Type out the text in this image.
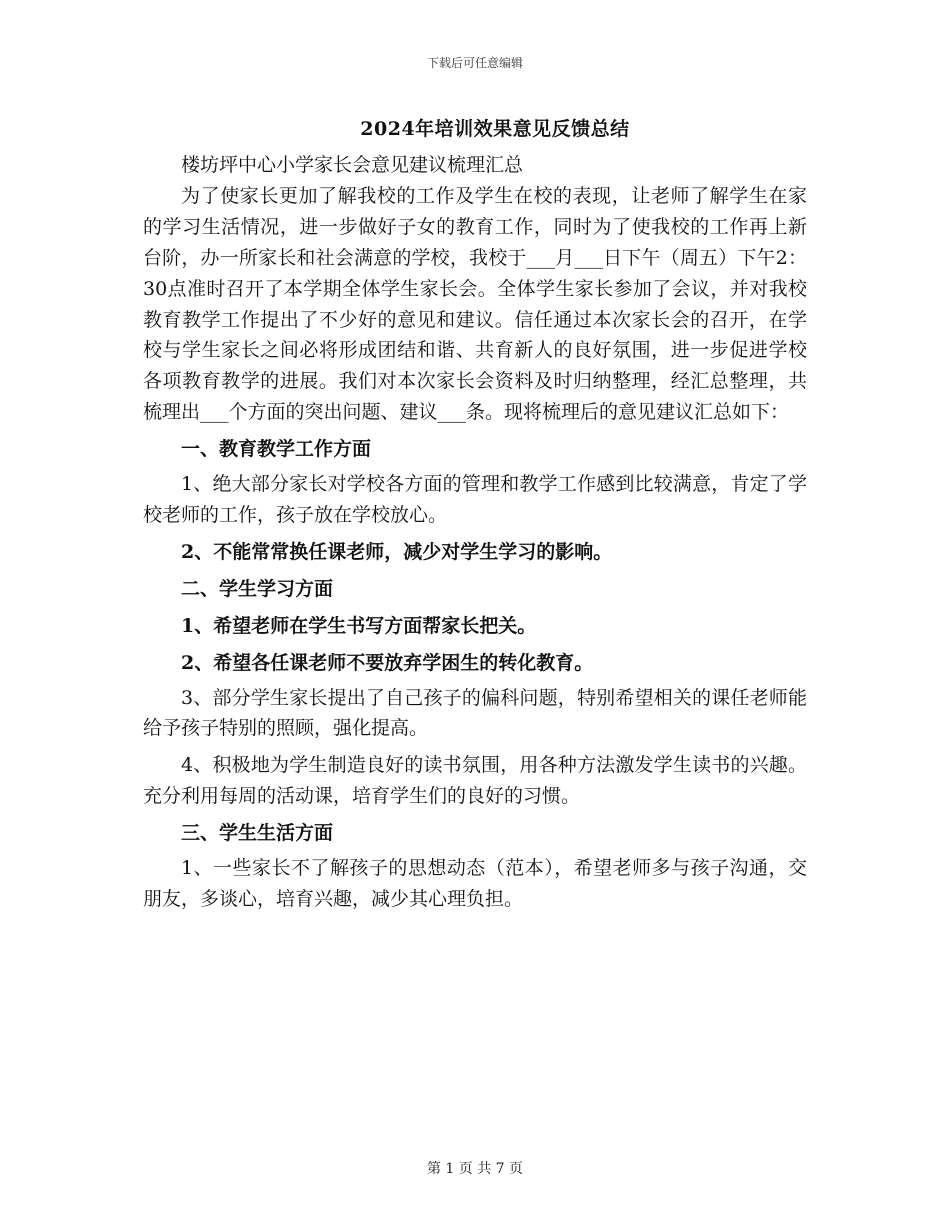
下载后可任意编辑
2024年培训效果意见反馈总结

楼坊坪中心小学家长会意见建议梳理汇总

为了使家长更加了解我校的工作及学生在校的表现，让老师了解学生在家的学习生活情况，进一步做好子女的教育工作，同时为了使我校的工作再上新台阶，办一所家长和社会满意的学校，我校于___月___日下午（周五）下午2：30点准时召开了本学期全体学生家长会。全体学生家长参加了会议，并对我校教育教学工作提出了不少好的意见和建议。信任通过本次家长会的召开，在学校与学生家长之间必将形成团结和谐、共育新人的良好氛围，进一步促进学校各项教育教学的进展。我们对本次家长会资料及时归纳整理，经汇总整理，共梳理出___个方面的突出问题、建议___条。现将梳理后的意见建议汇总如下：

一、教育教学工作方面

1、绝大部分家长对学校各方面的管理和教学工作感到比较满意，肯定了学校老师的工作，孩子放在学校放心。

2、不能常常换任课老师，减少对学生学习的影响。

二、学生学习方面

1、希望老师在学生书写方面帮家长把关。

2、希望各任课老师不要放弃学困生的转化教育。

3、部分学生家长提出了自己孩子的偏科问题，特别希望相关的课任老师能给予孩子特别的照顾，强化提高。

4、积极地为学生制造良好的读书氛围，用各种方法激发学生读书的兴趣。充分利用每周的活动课，培育学生们的良好的习惯。

三、学生生活方面

1、一些家长不了解孩子的思想动态（范本），希望老师多与孩子沟通，交朋友，多谈心，培育兴趣，减少其心理负担。

第 1 页 共 7 页
